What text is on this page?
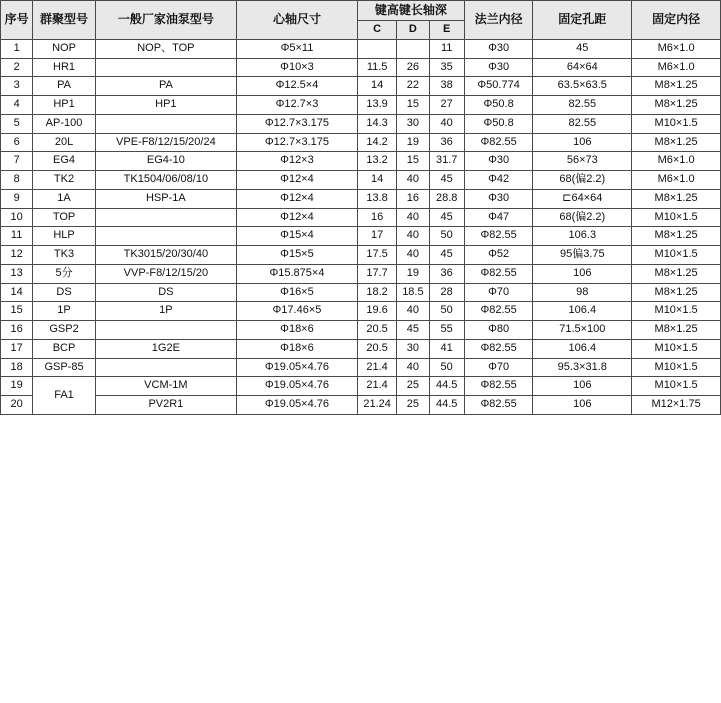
序号	群聚型号	一般厂家油泵型号	心轴尺寸	键高键长轴深			法兰内径	固定孔距	固定内径
				C	D	E			
1	NOP	NOP、TOP	Φ5×11			11	Φ30	45	M6×1.0
2	HR1		Φ10×3	11.5	26	35	Φ30	64×64	M6×1.0
3	PA	PA	Φ12.5×4	14	22	38	Φ50.774	63.5×63.5	M8×1.25
4	HP1	HP1	Φ12.7×3	13.9	15	27	Φ50.8	82.55	M8×1.25
5	AP-100		Φ12.7×3.175	14.3	30	40	Φ50.8	82.55	M10×1.5
6	20L	VPE-F8/12/15/20/24	Φ12.7×3.175	14.2	19	36	Φ82.55	106	M8×1.25
7	EG4	EG4-10	Φ12×3	13.2	15	31.7	Φ30	56×73	M6×1.0
8	TK2	TK1504/06/08/10	Φ12×4	14	40	45	Φ42	68(偏2.2)	M6×1.0
9	1A	HSP-1A	Φ12×4	13.8	16	28.8	Φ30	⊏64×64	M8×1.25
10	TOP		Φ12×4	16	40	45	Φ47	68(偏2.2)	M10×1.5
11	HLP		Φ15×4	17	40	50	Φ82.55	106.3	M8×1.25
12	TK3	TK3015/20/30/40	Φ15×5	17.5	40	45	Φ52	95偏3.75	M10×1.5
13	5分	VVP-F8/12/15/20	Φ15.875×4	17.7	19	36	Φ82.55	106	M8×1.25
14	DS	DS	Φ16×5	18.2	18.5	28	Φ70	98	M8×1.25
15	1P	1P	Φ17.46×5	19.6	40	50	Φ82.55	106.4	M10×1.5
16	GSP2		Φ18×6	20.5	45	55	Φ80	71.5×100	M8×1.25
17	BCP	1G2E	Φ18×6	20.5	30	41	Φ82.55	106.4	M10×1.5
18	GSP-85		Φ19.05×4.76	21.4	40	50	Φ70	95.3×31.8	M10×1.5
19	FA1	VCM-1M	Φ19.05×4.76	21.4	25	44.5	Φ82.55	106	M10×1.5
20		PV2R1	Φ19.05×4.76	21.24	25	44.5	Φ82.55	106	M12×1.75
